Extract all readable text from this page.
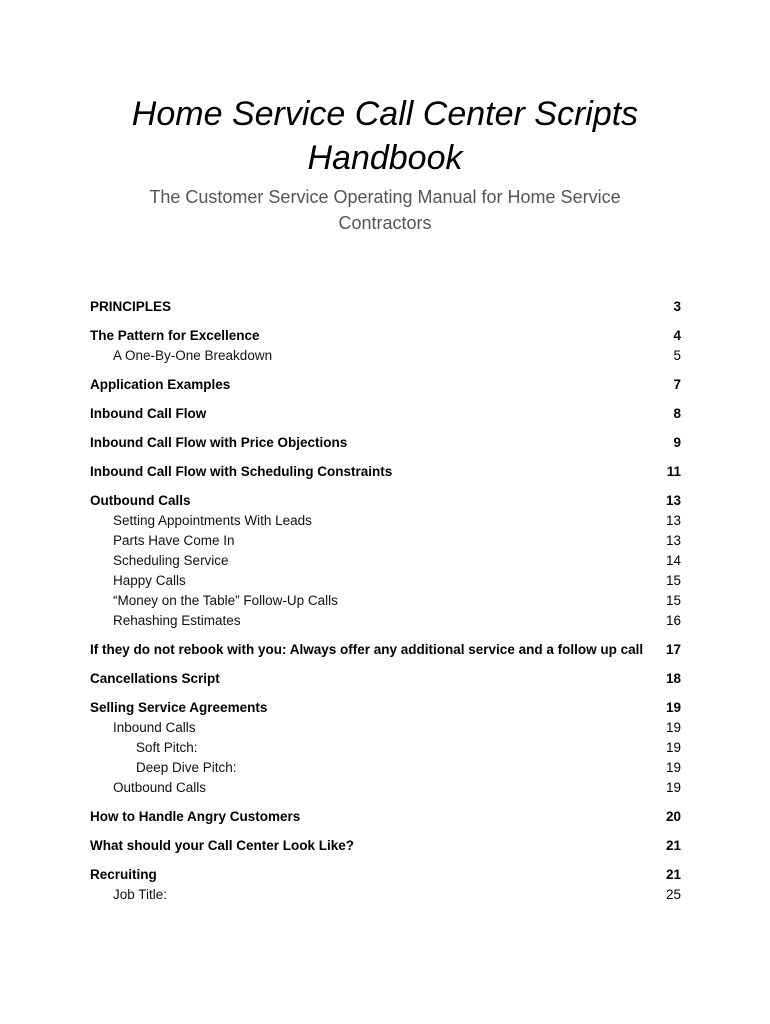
Home Service Call Center Scripts
Handbook

The Customer Service Operating Manual for Home Service
Contractors

PRINCIPLES	3
The Pattern for Excellence	4
A One-By-One Breakdown	5
Application Examples	7
Inbound Call Flow	8
Inbound Call Flow with Price Objections	9
Inbound Call Flow with Scheduling Constraints	11
Outbound Calls	13
Setting Appointments With Leads	13
Parts Have Come In	13
Scheduling Service	14
Happy Calls	15
“Money on the Table” Follow-Up Calls	15
Rehashing Estimates	16
If they do not rebook with you: Always offer any additional service and a follow up call 17
Cancellations Script	18
Selling Service Agreements	19
Inbound Calls	19
Soft Pitch:	19
Deep Dive Pitch:	19
Outbound Calls	19
How to Handle Angry Customers	20
What should your Call Center Look Like?	21
Recruiting	21
Job Title:	25
